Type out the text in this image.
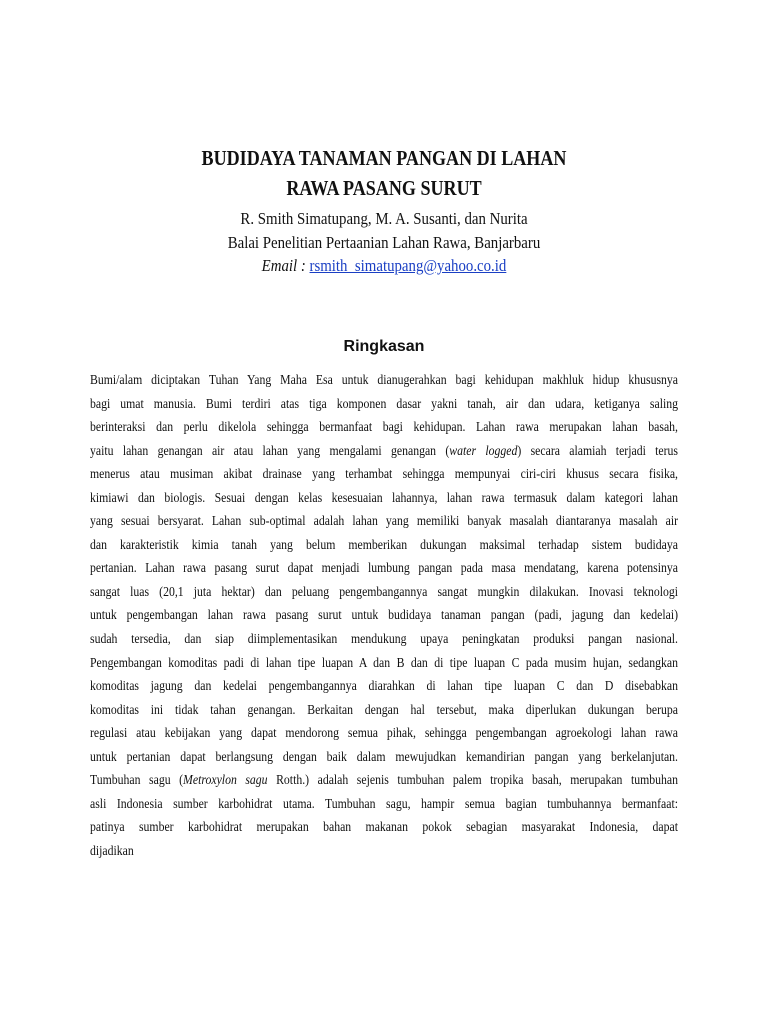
BUDIDAYA TANAMAN PANGAN DI LAHAN
RAWA PASANG SURUT
R. Smith Simatupang, M. A. Susanti, dan Nurita
Balai Penelitian Pertaanian Lahan Rawa, Banjarbaru
Email : rsmith_simatupang@yahoo.co.id
Ringkasan
Bumi/alam diciptakan Tuhan Yang Maha Esa untuk dianugerahkan bagi kehidupan makhluk hidup khususnya
bagi umat manusia. Bumi terdiri atas tiga komponen dasar yakni tanah, air dan udara, ketiganya saling
berinteraksi dan perlu dikelola sehingga bermanfaat bagi kehidupan. Lahan rawa merupakan lahan basah,
yaitu lahan genangan air atau lahan yang mengalami genangan (water logged) secara alamiah terjadi terus
menerus atau musiman akibat drainase yang terhambat sehingga mempunyai ciri-ciri khusus secara fisika,
kimiawi dan biologis. Sesuai dengan kelas kesesuaian lahannya, lahan rawa termasuk dalam kategori lahan
yang sesuai bersyarat. Lahan sub-optimal adalah lahan yang memiliki banyak masalah diantaranya masalah air
dan karakteristik kimia tanah yang belum memberikan dukungan maksimal terhadap sistem budidaya
pertanian. Lahan rawa pasang surut dapat menjadi lumbung pangan pada masa mendatang, karena potensinya
sangat luas (20,1 juta hektar) dan peluang pengembangannya sangat mungkin dilakukan. Inovasi teknologi
untuk pengembangan lahan rawa pasang surut untuk budidaya tanaman pangan (padi, jagung dan kedelai)
sudah tersedia, dan siap diimplementasikan mendukung upaya peningkatan produksi pangan nasional.
Pengembangan komoditas padi di lahan tipe luapan A dan B dan di tipe luapan C pada musim hujan, sedangkan
komoditas jagung dan kedelai pengembangannya diarahkan di lahan tipe luapan C dan D disebabkan
komoditas ini tidak tahan genangan. Berkaitan dengan hal tersebut, maka diperlukan dukungan berupa
regulasi atau kebijakan yang dapat mendorong semua pihak, sehingga pengembangan agroekologi lahan rawa
untuk pertanian dapat berlangsung dengan baik dalam mewujudkan kemandirian pangan yang berkelanjutan.
Tumbuhan sagu (Metroxylon sagu Rotth.) adalah sejenis tumbuhan palem tropika basah, merupakan tumbuhan
asli Indonesia sumber karbohidrat utama. Tumbuhan sagu, hampir semua bagian tumbuhannya bermanfaat:
patinya sumber karbohidrat merupakan bahan makanan pokok sebagian masyarakat Indonesia, dapat
dijadikan
